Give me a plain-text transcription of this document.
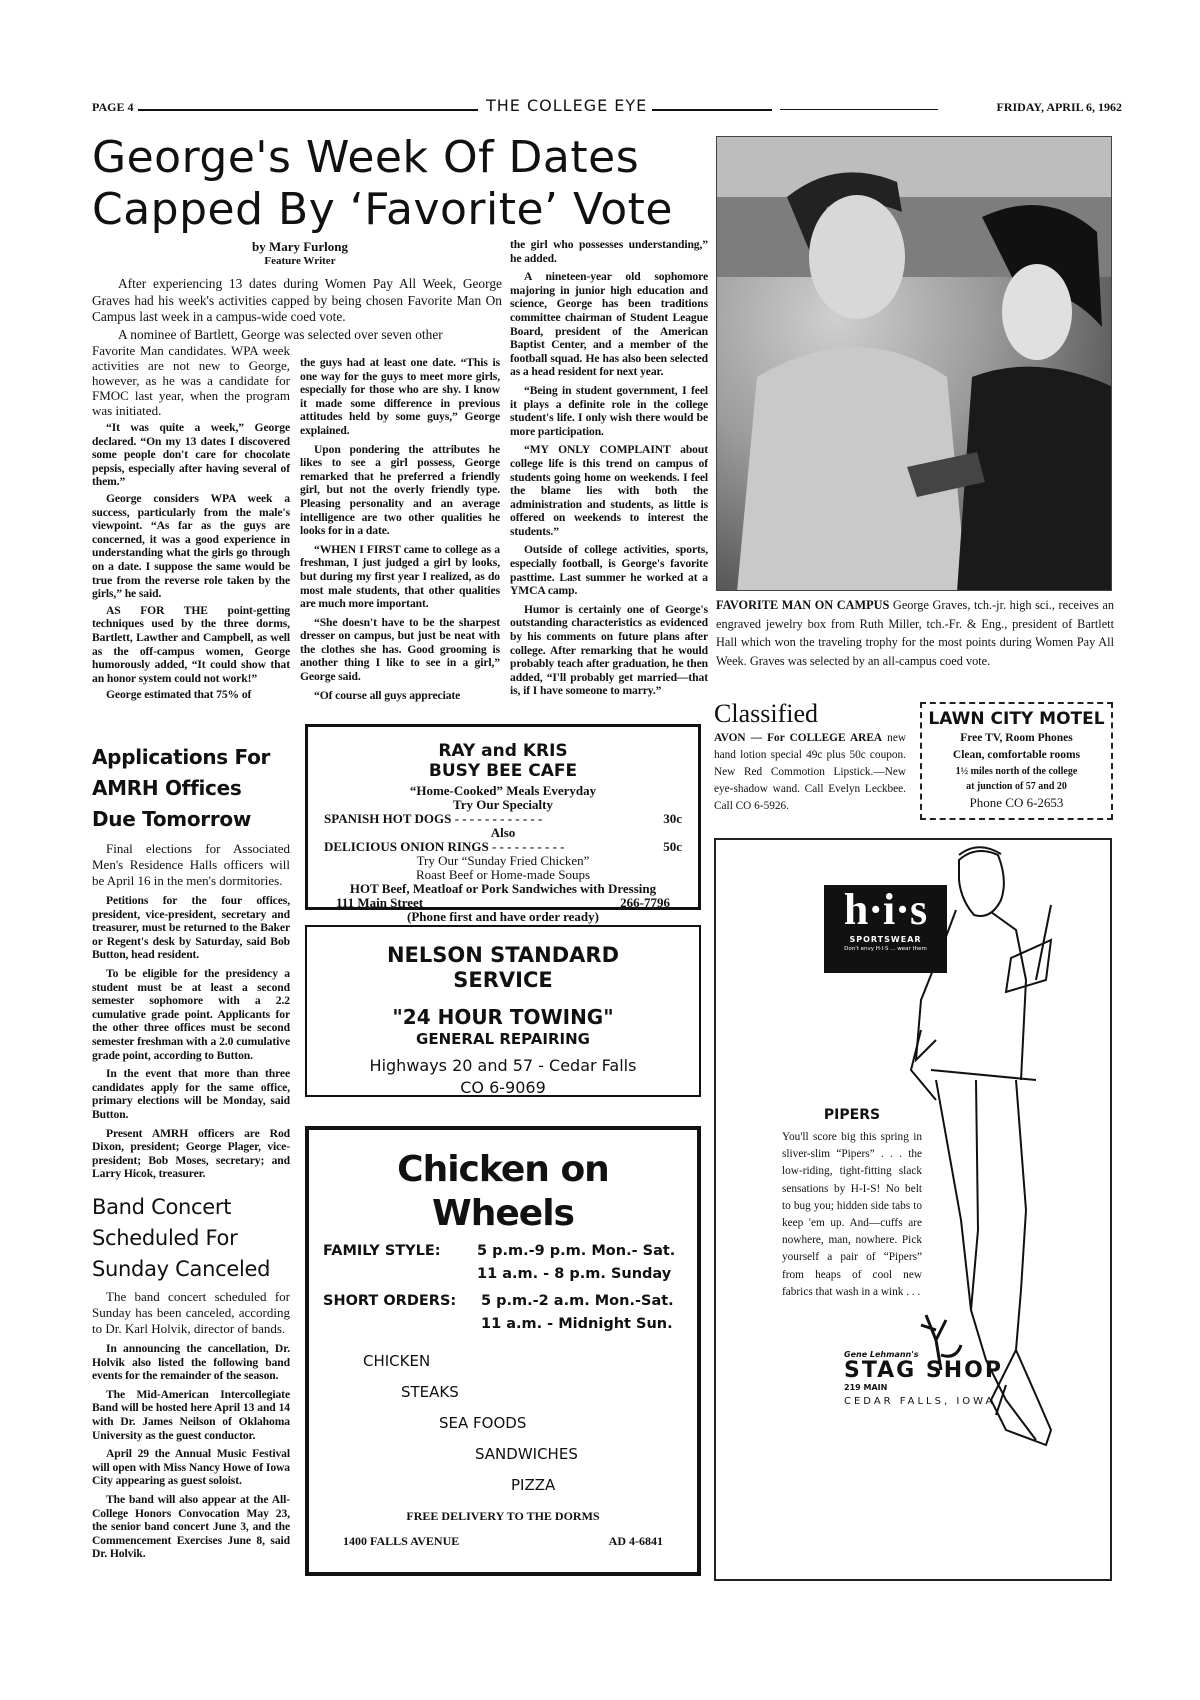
PAGE 4	THE COLLEGE EYE	FRIDAY, APRIL 6, 1962
George's Week Of Dates
Capped By ‘Favorite’ Vote
by Mary Furlong
Feature Writer

After experiencing 13 dates during Women Pay All Week, George Graves had his week's activities capped by being chosen Favorite Man On Campus last week in a campus-wide coed vote.

A nominee of Bartlett, George was selected over seven other

Favorite Man candidates. WPA week activities are not new to George, however, as he was a candidate for FMOC last year, when the program was initiated.

“It was quite a week,” George declared. “On my 13 dates I discovered some people don't care for chocolate pepsis, especially after having several of them.”

George considers WPA week a success, particularly from the male's viewpoint. “As far as the guys are concerned, it was a good experience in understanding what the girls go through on a date. I suppose the same would be true from the reverse role taken by the girls,” he said.

AS FOR THE point-getting techniques used by the three dorms, Bartlett, Lawther and Campbell, as well as the off-campus women, George humorously added, “It could show that an honor system could not work!”

George estimated that 75% of

the guys had at least one date. “This is one way for the guys to meet more girls, especially for those who are shy. I know it made some difference in previous attitudes held by some guys,” George explained.

Upon pondering the attributes he likes to see a girl possess, George remarked that he preferred a friendly girl, but not the overly friendly type. Pleasing personality and an average intelligence are two other qualities he looks for in a date.

“WHEN I FIRST came to college as a freshman, I just judged a girl by looks, but during my first year I realized, as do most male students, that other qualities are much more important.

“She doesn't have to be the sharpest dresser on campus, but just be neat with the clothes she has. Good grooming is another thing I like to see in a girl,” George said.

“Of course all guys appreciate

the girl who possesses understanding,” he added.

A nineteen-year old sophomore majoring in junior high education and science, George has been traditions committee chairman of Student League Board, president of the American Baptist Center, and a member of the football squad. He has also been selected as a head resident for next year.

“Being in student government, I feel it plays a definite role in the college student's life. I only wish there would be more participation.

“MY ONLY COMPLAINT about college life is this trend on campus of students going home on weekends. I feel the blame lies with both the administration and students, as little is offered on weekends to interest the students.”

Outside of college activities, sports, especially football, is George's favorite pasttime. Last summer he worked at a YMCA camp.

Humor is certainly one of George's outstanding characteristics as evidenced by his comments on future plans after college. After remarking that he would probably teach after graduation, he then added, “I'll probably get married—that is, if I have someone to marry.”

FAVORITE MAN ON CAMPUS George Graves, tch.-jr. high sci., receives an engraved jewelry box from Ruth Miller, tch.-Fr. & Eng., president of Bartlett Hall which won the traveling trophy for the most points during Women Pay All Week. Graves was selected by an all-campus coed vote.
Classified

AVON — For COLLEGE AREA new hand lotion special 49c plus 50c coupon. New Red Commotion Lipstick.—New eye-shadow wand. Call Evelyn Leckbee. Call CO 6-5926.

LAWN CITY MOTEL
Free TV, Room Phones
Clean, comfortable rooms
1½ miles north of the college
at junction of 57 and 20
Phone CO 6-2653
Applications For
AMRH Offices
Due Tomorrow

Final elections for Associated Men's Residence Halls officers will be April 16 in the men's dormitories.

Petitions for the four offices, president, vice-president, secretary and treasurer, must be returned to the Baker or Regent's desk by Saturday, said Bob Button, head resident.

To be eligible for the presidency a student must be at least a second semester sophomore with a 2.2 cumulative grade point. Applicants for the other three offices must be second semester freshman with a 2.0 cumulative grade point, according to Button.

In the event that more than three candidates apply for the same office, primary elections will be Monday, said Button.

Present AMRH officers are Rod Dixon, president; George Plager, vice-president; Bob Moses, secretary; and Larry Hicok, treasurer.

Band Concert
Scheduled For
Sunday Canceled

The band concert scheduled for Sunday has been canceled, according to Dr. Karl Holvik, director of bands.

In announcing the cancellation, Dr. Holvik also listed the following band events for the remainder of the season.

The Mid-American Intercollegiate Band will be hosted here April 13 and 14 with Dr. James Neilson of Oklahoma University as the guest conductor.

April 29 the Annual Music Festival will open with Miss Nancy Howe of Iowa City appearing as guest soloist.

The band will also appear at the All-College Honors Convocation May 23, the senior band concert June 3, and the Commencement Exercises June 8, said Dr. Holvik.

RAY and KRIS
BUSY BEE CAFE
“Home-Cooked” Meals Everyday
Try Our Specialty
SPANISH HOT DOGS - - - - - - - - - - - -	30c
Also
DELICIOUS ONION RINGS - - - - - - - - - -	50c
Try Our “Sunday Fried Chicken”
Roast Beef or Home-made Soups
HOT Beef, Meatloaf or Pork Sandwiches with Dressing
111 Main Street	266-7796
(Phone first and have order ready)
NELSON STANDARD
SERVICE
"24 HOUR TOWING"
GENERAL REPAIRING
Highways 20 and 57 - Cedar Falls
CO 6-9069
Chicken on Wheels
FAMILY STYLE:	5 p.m.-9 p.m. Mon.- Sat.
11 a.m. - 8 p.m. Sunday
SHORT ORDERS:	5 p.m.-2 a.m. Mon.-Sat.
11 a.m. - Midnight Sun.
CHICKEN
STEAKS
SEA FOODS
SANDWICHES
PIZZA
FREE DELIVERY TO THE DORMS
1400 FALLS AVENUE	AD 4-6841
h·i·s
SPORTSWEAR
Don't envy H·I·S ... wear them
PIPERS

You'll score big this spring in sliver-slim “Pipers” . . . the low-riding, tight-fitting slack sensations by H-I-S! No belt to bug you; hidden side tabs to keep 'em up. And—cuffs are nowhere, man, nowhere. Pick yourself a pair of “Pipers” from heaps of cool new fabrics that wash in a wink . . .

Gene Lehmann's
STAG SHOP
219 MAIN
CEDAR FALLS, IOWA
